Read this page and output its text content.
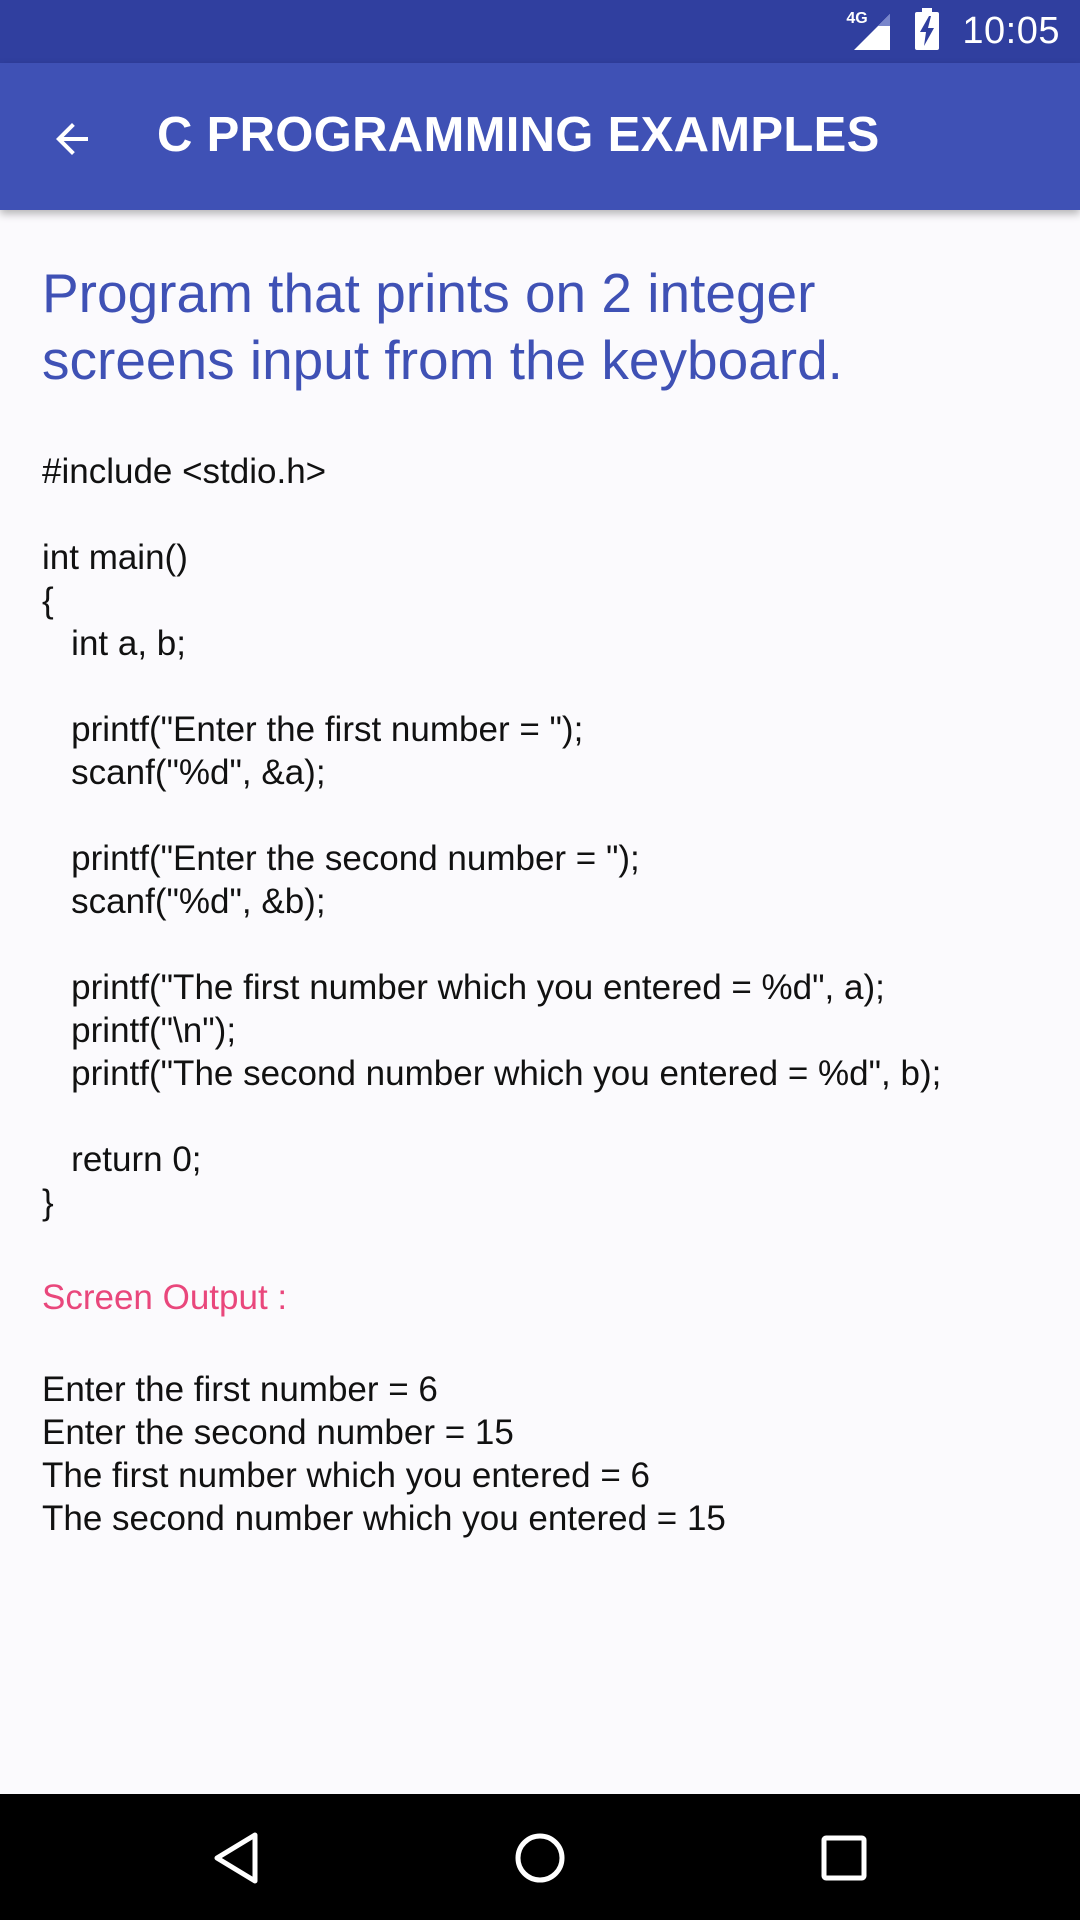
4G 10:05
C PROGRAMMING EXAMPLES
Program that prints on 2 integer screens input from the keyboard.
#include <stdio.h>

int main()
{
int a, b;

printf("Enter the first number = ");
scanf("%d", &a);

printf("Enter the second number = ");
scanf("%d", &b);

printf("The first number which you entered = %d", a);
printf("\n");
printf("The second number which you entered = %d", b);

return 0;
}
Screen Output :
Enter the first number = 6
Enter the second number = 15
The first number which you entered = 6
The second number which you entered = 15
